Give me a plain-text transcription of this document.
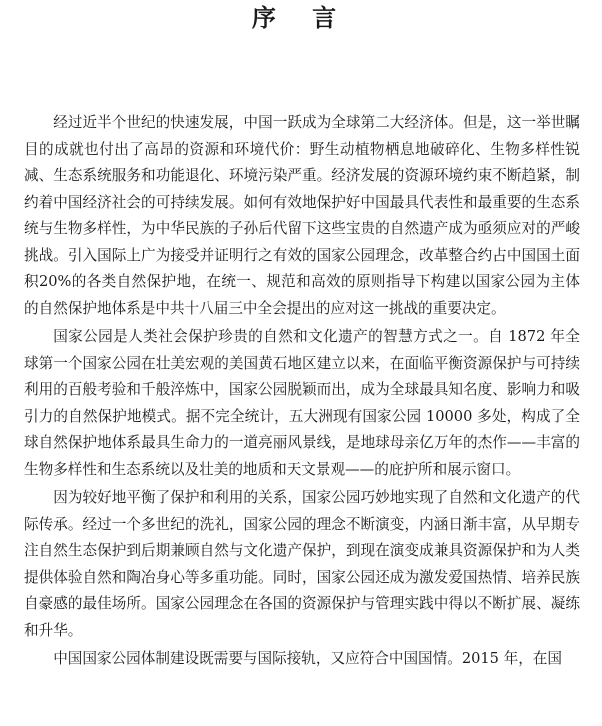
序 言

经过近半个世纪的快速发展，中国一跃成为全球第二大经济体。但是，这一举世瞩目的成就也付出了高昂的资源和环境代价：野生动植物栖息地破碎化、生物多样性锐减、生态系统服务和功能退化、环境污染严重。经济发展的资源环境约束不断趋紧，制约着中国经济社会的可持续发展。如何有效地保护好中国最具代表性和最重要的生态系统与生物多样性，为中华民族的子孙后代留下这些宝贵的自然遗产成为亟须应对的严峻挑战。引入国际上广为接受并证明行之有效的国家公园理念，改革整合约占中国国土面积20%的各类自然保护地，在统一、规范和高效的原则指导下构建以国家公园为主体的自然保护地体系是中共十八届三中全会提出的应对这一挑战的重要决定。

国家公园是人类社会保护珍贵的自然和文化遗产的智慧方式之一。自 1872 年全球第一个国家公园在壮美宏观的美国黄石地区建立以来，在面临平衡资源保护与可持续利用的百般考验和千般淬炼中，国家公园脱颖而出，成为全球最具知名度、影响力和吸引力的自然保护地模式。据不完全统计，五大洲现有国家公园 10000 多处，构成了全球自然保护地体系最具生命力的一道亮丽风景线，是地球母亲亿万年的杰作——丰富的生物多样性和生态系统以及壮美的地质和天文景观——的庇护所和展示窗口。

因为较好地平衡了保护和利用的关系，国家公园巧妙地实现了自然和文化遗产的代际传承。经过一个多世纪的洗礼，国家公园的理念不断演变，内涵日渐丰富，从早期专注自然生态保护到后期兼顾自然与文化遗产保护，到现在演变成兼具资源保护和为人类提供体验自然和陶冶身心等多重功能。同时，国家公园还成为激发爱国热情、培养民族自豪感的最佳场所。国家公园理念在各国的资源保护与管理实践中得以不断扩展、凝练和升华。

中国国家公园体制建设既需要与国际接轨，又应符合中国国情。2015 年，在国
